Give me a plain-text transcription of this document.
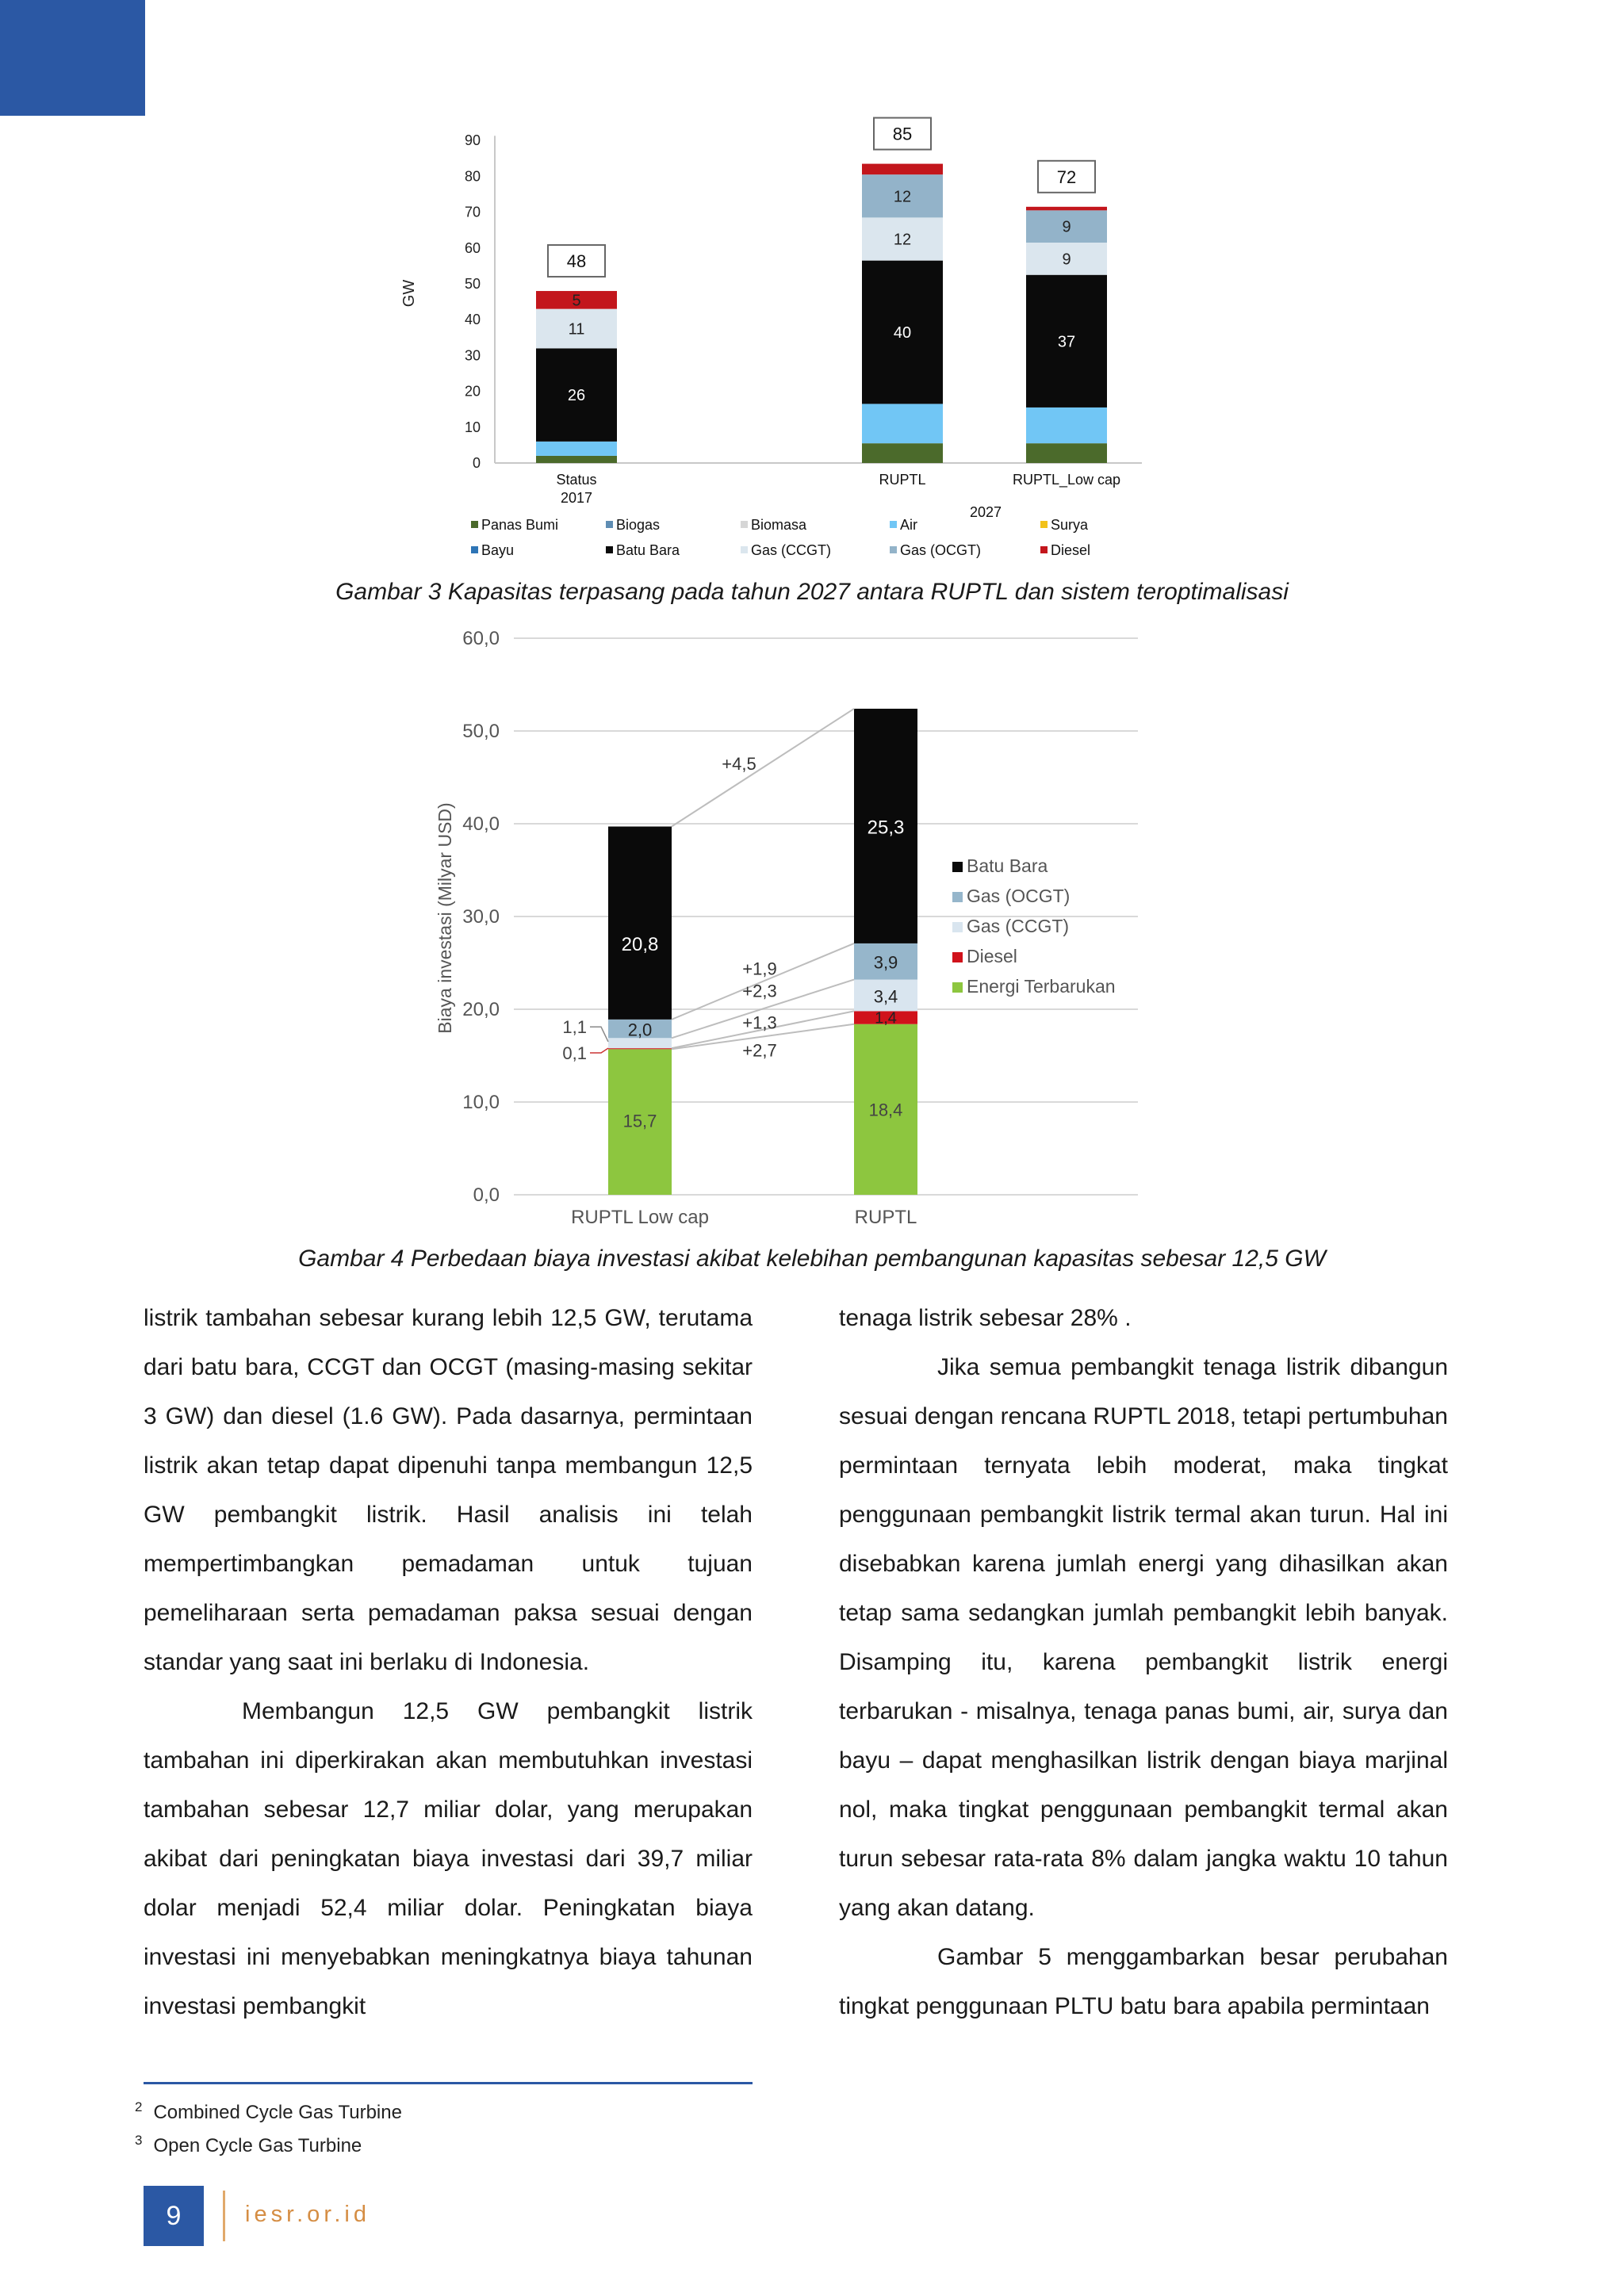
0
10
20
30
40
50
60
70
80
90
GW
26
11
5
48
40
12
12
85
37
9
9
72
Status
2017
RUPTL	RUPTL_Low cap
2027
Panas Bumi	Biogas	Biomasa	Air	Surya
Bayu	Batu Bara	Gas (CCGT)	Gas (OCGT)	Diesel
Gambar 3 Kapasitas terpasang pada tahun 2027 antara RUPTL dan sistem teroptimalisasi
0,0
10,0
20,0
30,0
40,0
50,0
60,0
Biaya investasi (Milyar USD)
RUPTL Low cap	RUPTL
15,7
20,8
2,0
1,1
0,1
18,4
1,4
3,4
3,9
25,3
+4,5
+1,9
+2,3
+1,3
+2,7
Batu Bara
Gas (OCGT)
Gas (CCGT)
Diesel
Energi Terbarukan
Gambar 4 Perbedaan biaya investasi akibat kelebihan pembangunan kapasitas sebesar 12,5 GW

listrik tambahan sebesar kurang lebih 12,5 GW, terutama dari batu bara, CCGT dan OCGT (masing-masing sekitar 3 GW) dan diesel (1.6 GW). Pada dasarnya, permintaan listrik akan tetap dapat dipenuhi tanpa membangun 12,5 GW pembangkit listrik. Hasil analisis ini telah mempertimbangkan pemadaman untuk tujuan pemeliharaan serta pemadaman paksa sesuai dengan standar yang saat ini berlaku di Indonesia.

Membangun 12,5 GW pembangkit listrik tambahan ini diperkirakan akan membutuhkan investasi tambahan sebesar 12,7 miliar dolar, yang merupakan akibat dari peningkatan biaya investasi dari 39,7 miliar dolar menjadi 52,4 miliar dolar. Peningkatan biaya investasi ini menyebabkan meningkatnya biaya tahunan investasi pembangkit

tenaga listrik sebesar 28% .

Jika semua pembangkit tenaga listrik dibangun sesuai dengan rencana RUPTL 2018, tetapi pertumbuhan permintaan ternyata lebih moderat, maka tingkat penggunaan pembangkit listrik termal akan turun. Hal ini disebabkan karena jumlah energi yang dihasilkan akan tetap sama sedangkan jumlah pembangkit lebih banyak. Disamping itu, karena pembangkit listrik energi terbarukan - misalnya, tenaga panas bumi, air, surya dan bayu – dapat menghasilkan listrik dengan biaya marjinal nol, maka tingkat penggunaan pembangkit termal akan turun sebesar rata-rata 8% dalam jangka waktu 10 tahun yang akan datang.

Gambar 5 menggambarkan besar perubahan tingkat penggunaan PLTU batu bara apabila permintaan

$^2$ Combined Cycle Gas Turbine
$^3$ Open Cycle Gas Turbine
9	iesr.or.id
